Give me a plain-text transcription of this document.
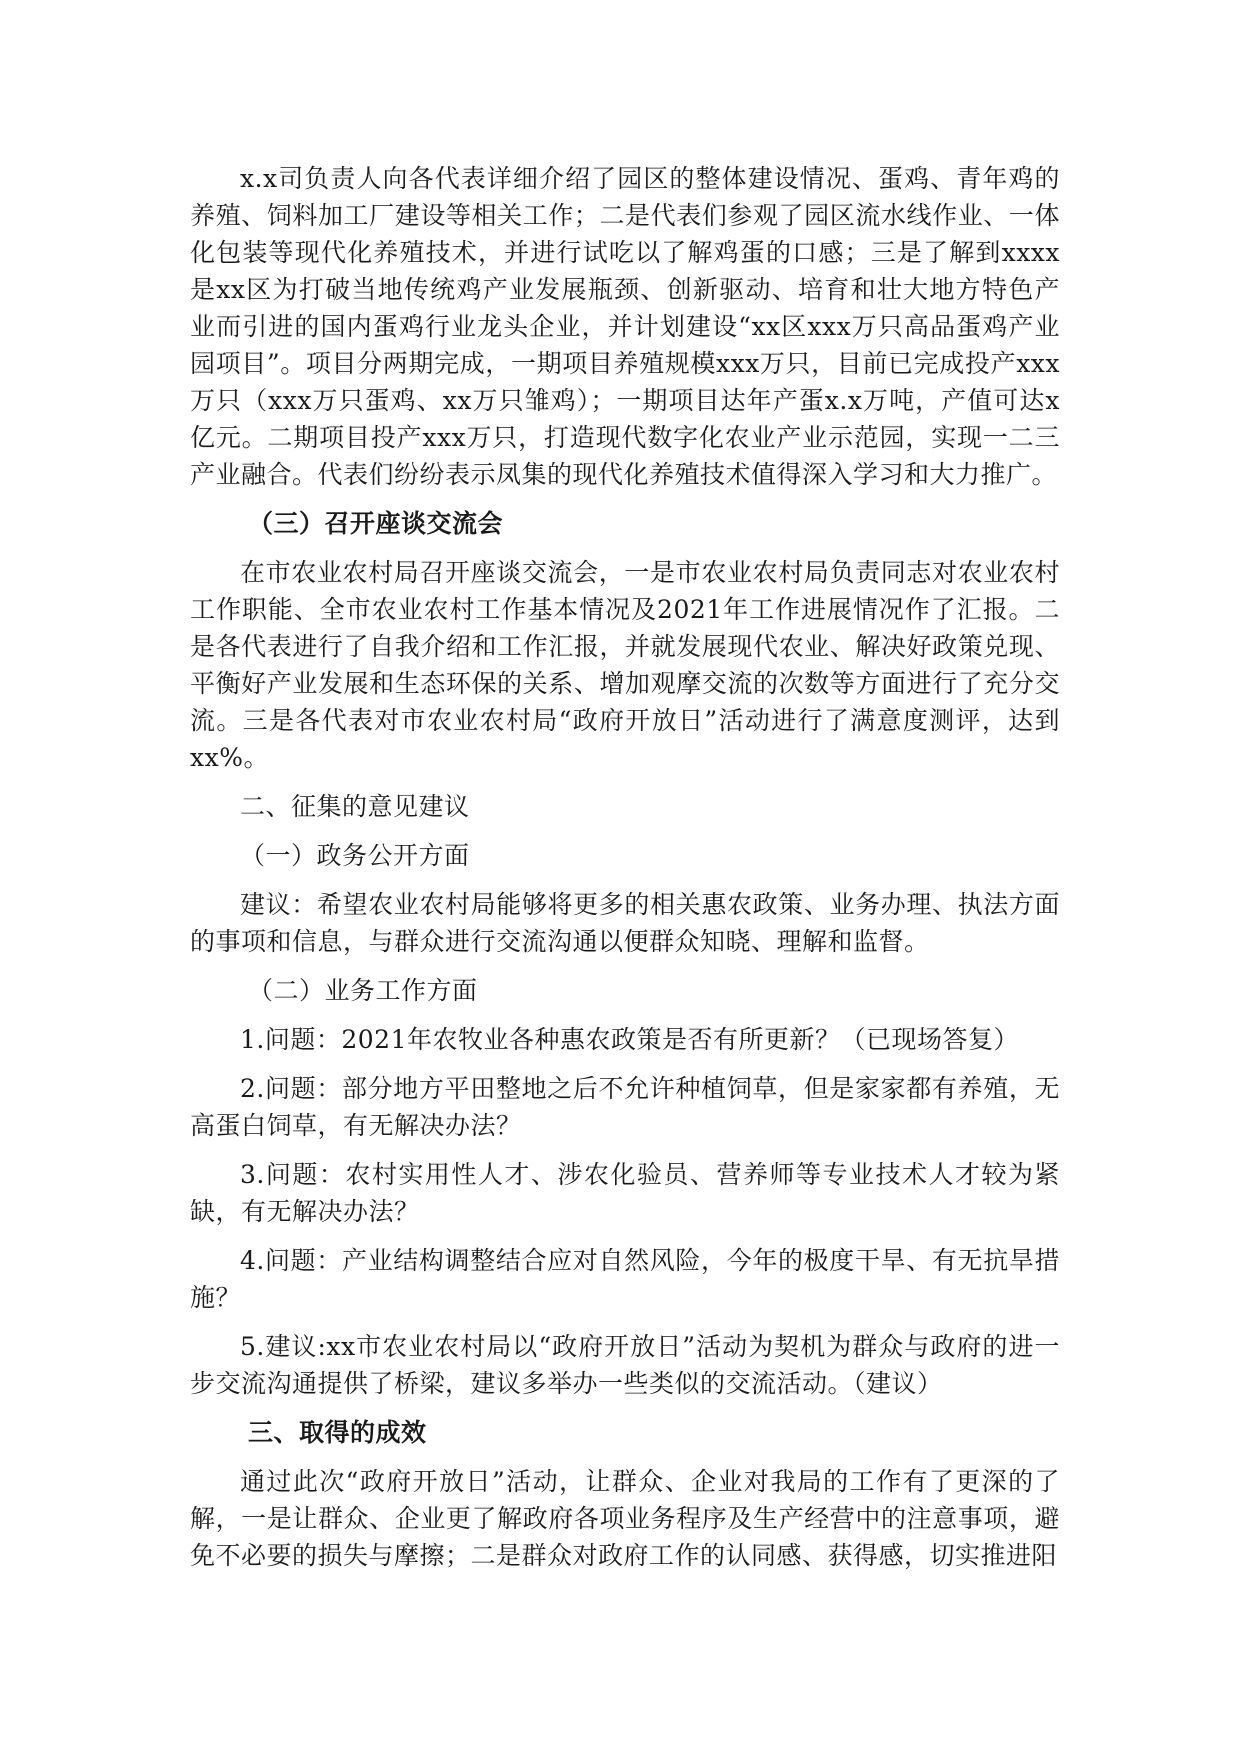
x.x司负责人向各代表详细介绍了园区的整体建设情况、蛋鸡、青年鸡的养殖、饲料加工厂建设等相关工作；二是代表们参观了园区流水线作业、一体化包装等现代化养殖技术，并进行试吃以了解鸡蛋的口感；三是了解到xxxx是xx区为打破当地传统鸡产业发展瓶颈、创新驱动、培育和壮大地方特色产业而引进的国内蛋鸡行业龙头企业，并计划建设“xx区xxx万只高品蛋鸡产业园项目”。项目分两期完成，一期项目养殖规模xxx万只，目前已完成投产xxx万只（xxx万只蛋鸡、xx万只雏鸡）；一期项目达年产蛋x.x万吨，产值可达x亿元。二期项目投产xxx万只，打造现代数字化农业产业示范园，实现一二三产业融合。代表们纷纷表示凤集的现代化养殖技术值得深入学习和大力推广。

（三）召开座谈交流会

在市农业农村局召开座谈交流会，一是市农业农村局负责同志对农业农村工作职能、全市农业农村工作基本情况及2021年工作进展情况作了汇报。二是各代表进行了自我介绍和工作汇报，并就发展现代农业、解决好政策兑现、平衡好产业发展和生态环保的关系、增加观摩交流的次数等方面进行了充分交流。三是各代表对市农业农村局“政府开放日”活动进行了满意度测评，达到xx%。

二、征集的意见建议

（一）政务公开方面

建议：希望农业农村局能够将更多的相关惠农政策、业务办理、执法方面的事项和信息，与群众进行交流沟通以便群众知晓、理解和监督。

（二）业务工作方面

1.问题：2021年农牧业各种惠农政策是否有所更新？（已现场答复）

2.问题：部分地方平田整地之后不允许种植饲草，但是家家都有养殖，无高蛋白饲草，有无解决办法？

3.问题：农村实用性人才、涉农化验员、营养师等专业技术人才较为紧缺，有无解决办法？

4.问题：产业结构调整结合应对自然风险，今年的极度干旱、有无抗旱措施？

5.建议:xx市农业农村局以“政府开放日”活动为契机为群众与政府的进一步交流沟通提供了桥梁，建议多举办一些类似的交流活动。（建议）

三、取得的成效

通过此次“政府开放日”活动，让群众、企业对我局的工作有了更深的了解，一是让群众、企业更了解政府各项业务程序及生产经营中的注意事项，避免不必要的损失与摩擦；二是群众对政府工作的认同感、获得感，切实推进阳
